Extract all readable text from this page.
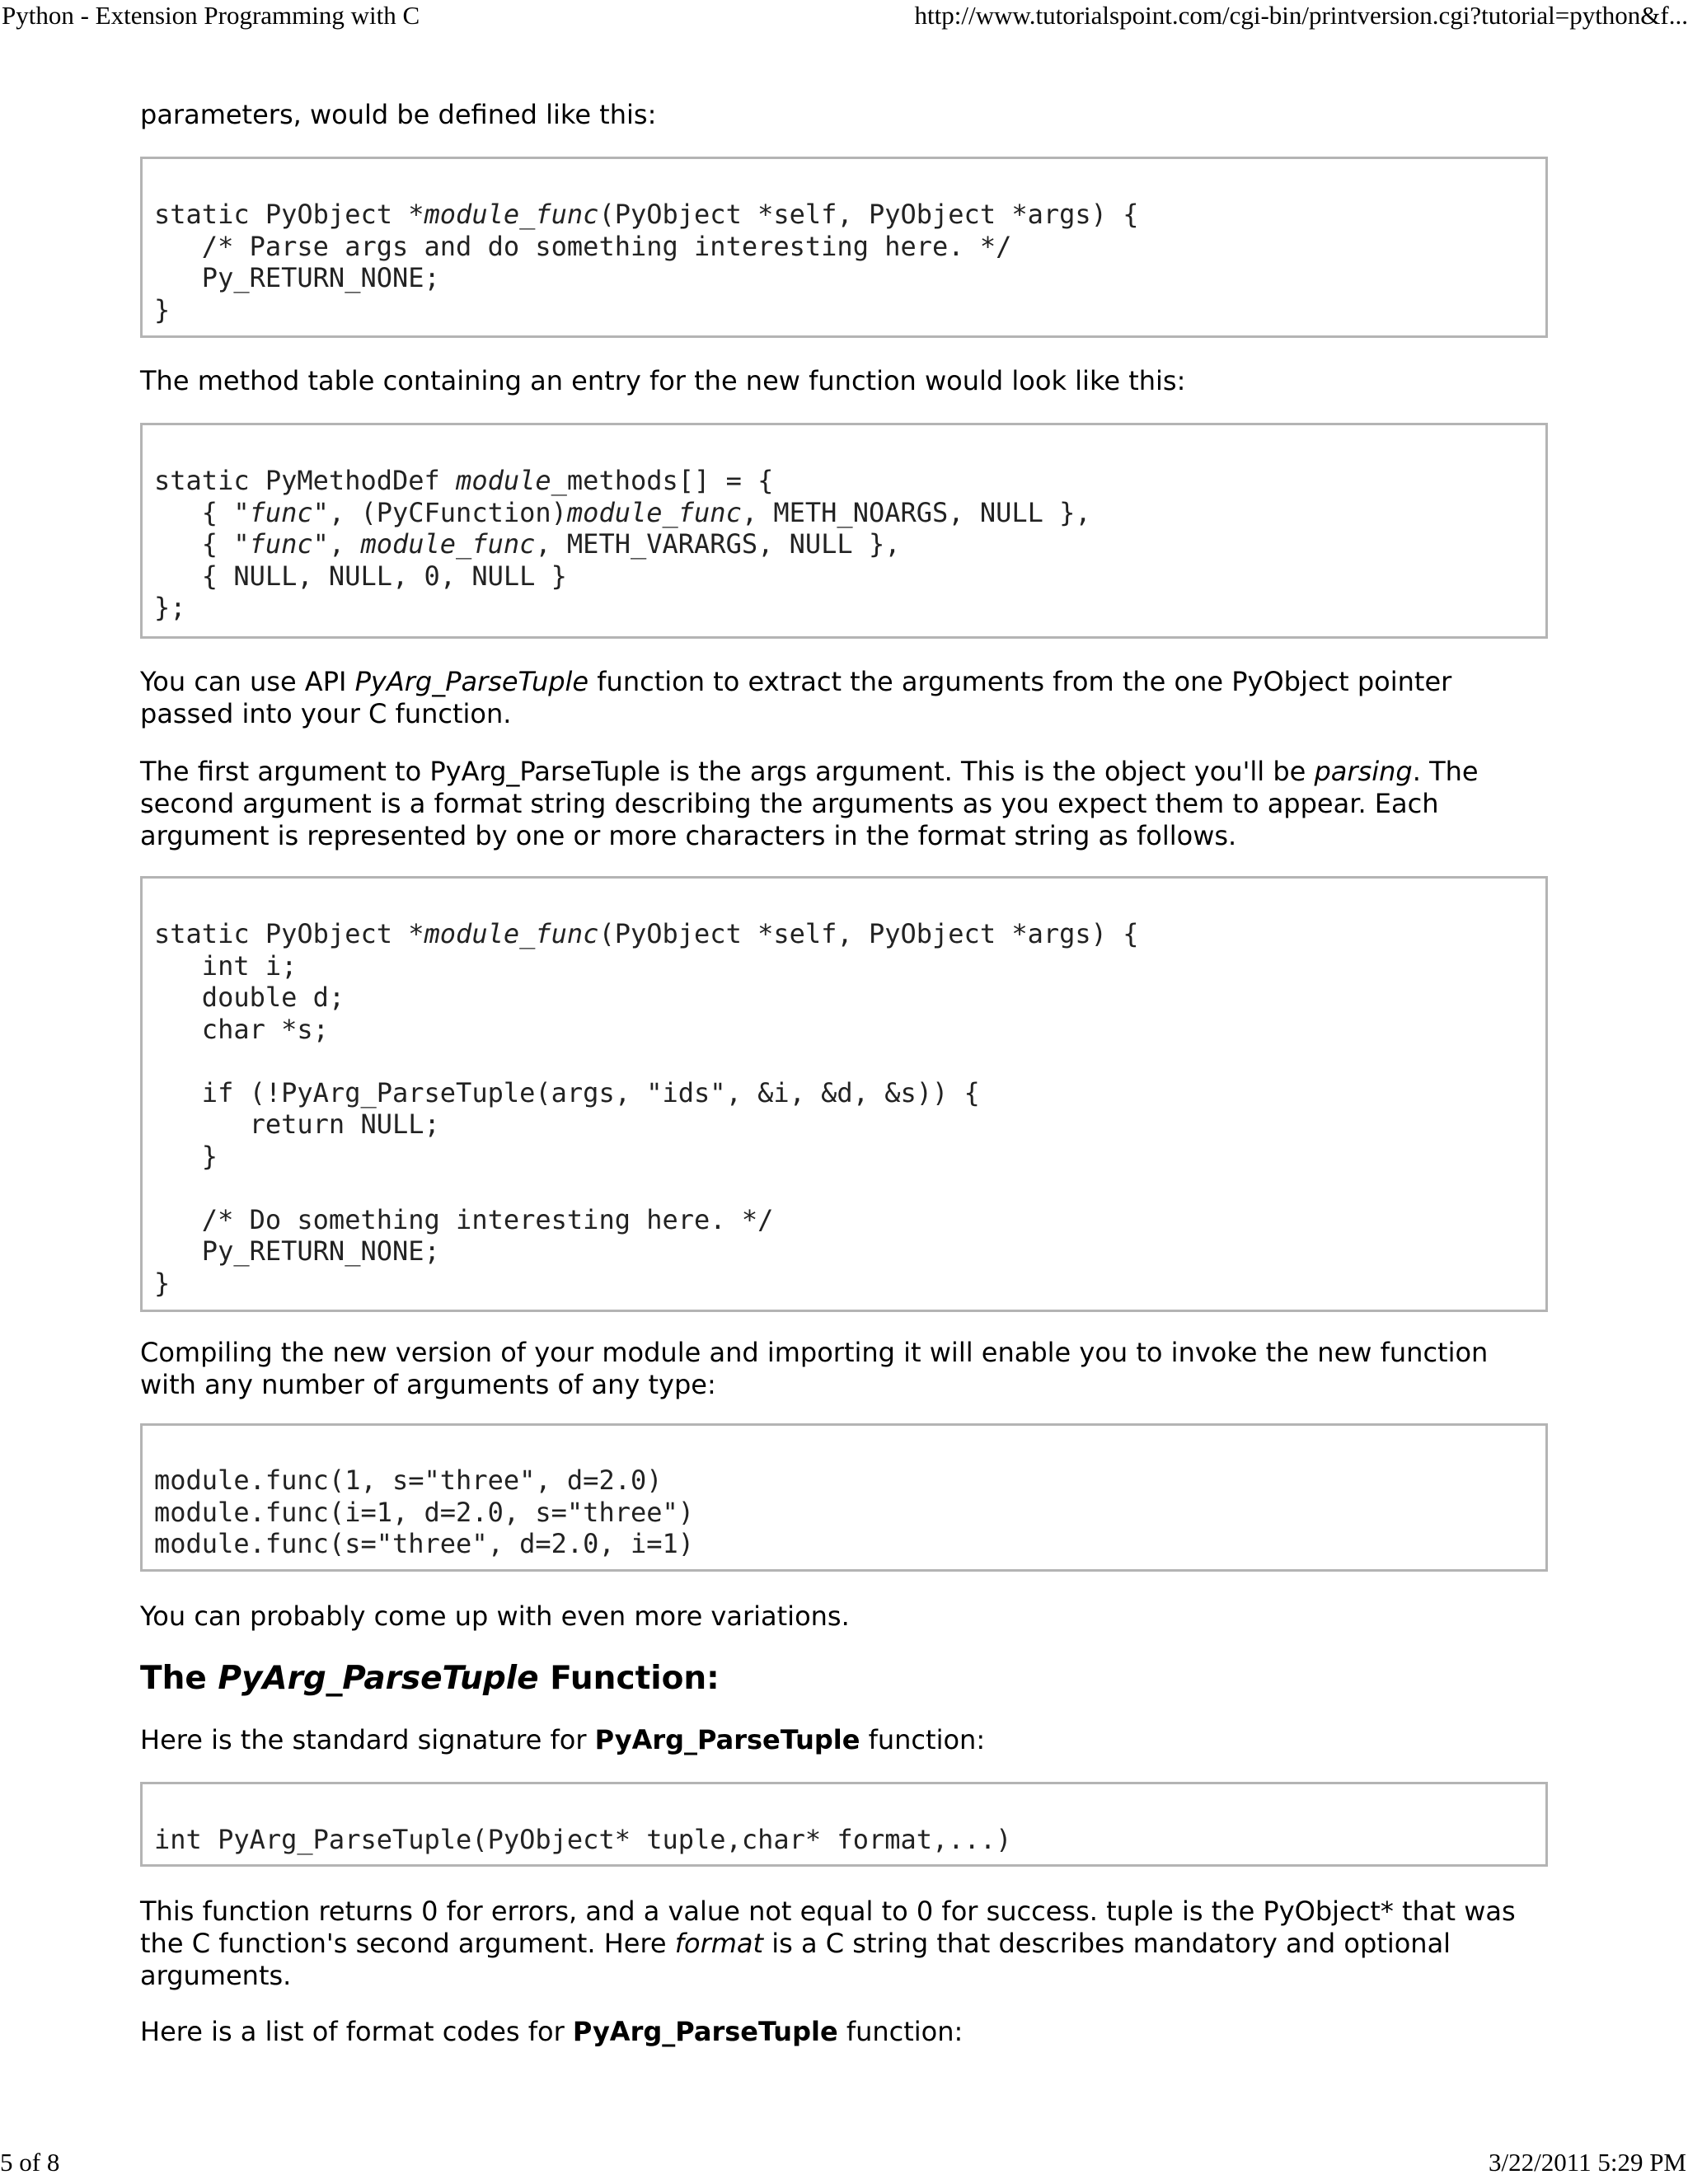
Python - Extension Programming with C	http://www.tutorialspoint.com/cgi-bin/printversion.cgi?tutorial=python&f...

parameters, would be defined like this:

static PyObject *module_func(PyObject *self, PyObject *args) {
/* Parse args and do something interesting here. */
Py_RETURN_NONE;
}

The method table containing an entry for the new function would look like this:

static PyMethodDef module_methods[] = {
{ "func", (PyCFunction)module_func, METH_NOARGS, NULL },
{ "func", module_func, METH_VARARGS, NULL },
{ NULL, NULL, 0, NULL }
};

You can use API PyArg_ParseTuple function to extract the arguments from the one PyObject pointer
passed into your C function.

The first argument to PyArg_ParseTuple is the args argument. This is the object you'll be parsing. The
second argument is a format string describing the arguments as you expect them to appear. Each
argument is represented by one or more characters in the format string as follows.

static PyObject *module_func(PyObject *self, PyObject *args) {
int i;
double d;
char *s;

if (!PyArg_ParseTuple(args, "ids", &i, &d, &s)) {
return NULL;
}

/* Do something interesting here. */
Py_RETURN_NONE;
}

Compiling the new version of your module and importing it will enable you to invoke the new function
with any number of arguments of any type:

module.func(1, s="three", d=2.0)
module.func(i=1, d=2.0, s="three")
module.func(s="three", d=2.0, i=1)

You can probably come up with even more variations.

The PyArg_ParseTuple Function:

Here is the standard signature for PyArg_ParseTuple function:

int PyArg_ParseTuple(PyObject* tuple,char* format,...)

This function returns 0 for errors, and a value not equal to 0 for success. tuple is the PyObject* that was
the C function's second argument. Here format is a C string that describes mandatory and optional
arguments.

Here is a list of format codes for PyArg_ParseTuple function:

5 of 8	3/22/2011 5:29 PM
